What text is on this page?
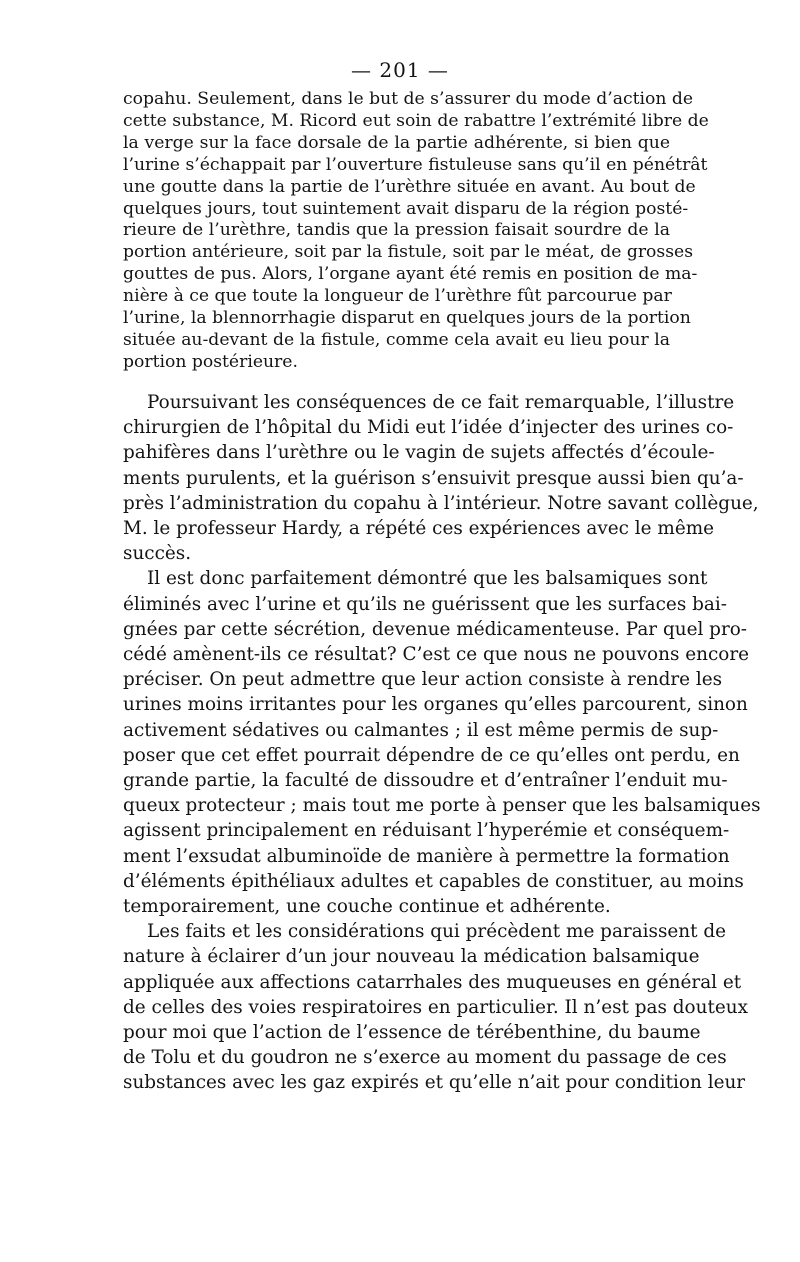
— 201 —
copahu. Seulement, dans le but de s’assurer du mode d’action de
cette substance, M. Ricord eut soin de rabattre l’extrémité libre de
la verge sur la face dorsale de la partie adhérente, si bien que
l’urine s’échappait par l’ouverture fistuleuse sans qu’il en pénétrât
une goutte dans la partie de l’urèthre située en avant. Au bout de
quelques jours, tout suintement avait disparu de la région posté-
rieure de l’urèthre, tandis que la pression faisait sourdre de la
portion antérieure, soit par la fistule, soit par le méat, de grosses
gouttes de pus. Alors, l’organe ayant été remis en position de ma-
nière à ce que toute la longueur de l’urèthre fût parcourue par
l’urine, la blennorrhagie disparut en quelques jours de la portion
située au-devant de la fistule, comme cela avait eu lieu pour la
portion postérieure.
Poursuivant les conséquences de ce fait remarquable, l’illustre
chirurgien de l’hôpital du Midi eut l’idée d’injecter des urines co-
pahifères dans l’urèthre ou le vagin de sujets affectés d’écoule-
ments purulents, et la guérison s’ensuivit presque aussi bien qu’a-
près l’administration du copahu à l’intérieur. Notre savant collègue,
M. le professeur Hardy, a répété ces expériences avec le même
succès.
Il est donc parfaitement démontré que les balsamiques sont
éliminés avec l’urine et qu’ils ne guérissent que les surfaces bai-
gnées par cette sécrétion, devenue médicamenteuse. Par quel pro-
cédé amènent-ils ce résultat? C’est ce que nous ne pouvons encore
préciser. On peut admettre que leur action consiste à rendre les
urines moins irritantes pour les organes qu’elles parcourent, sinon
activement sédatives ou calmantes ; il est même permis de sup-
poser que cet effet pourrait dépendre de ce qu’elles ont perdu, en
grande partie, la faculté de dissoudre et d’entraîner l’enduit mu-
queux protecteur ; mais tout me porte à penser que les balsamiques
agissent principalement en réduisant l’hyperémie et conséquem-
ment l’exsudat albuminoïde de manière à permettre la formation
d’éléments épithéliaux adultes et capables de constituer, au moins
temporairement, une couche continue et adhérente.
Les faits et les considérations qui précèdent me paraissent de
nature à éclairer d’un jour nouveau la médication balsamique
appliquée aux affections catarrhales des muqueuses en général et
de celles des voies respiratoires en particulier. Il n’est pas douteux
pour moi que l’action de l’essence de térébenthine, du baume
de Tolu et du goudron ne s’exerce au moment du passage de ces
substances avec les gaz expirés et qu’elle n’ait pour condition leur
